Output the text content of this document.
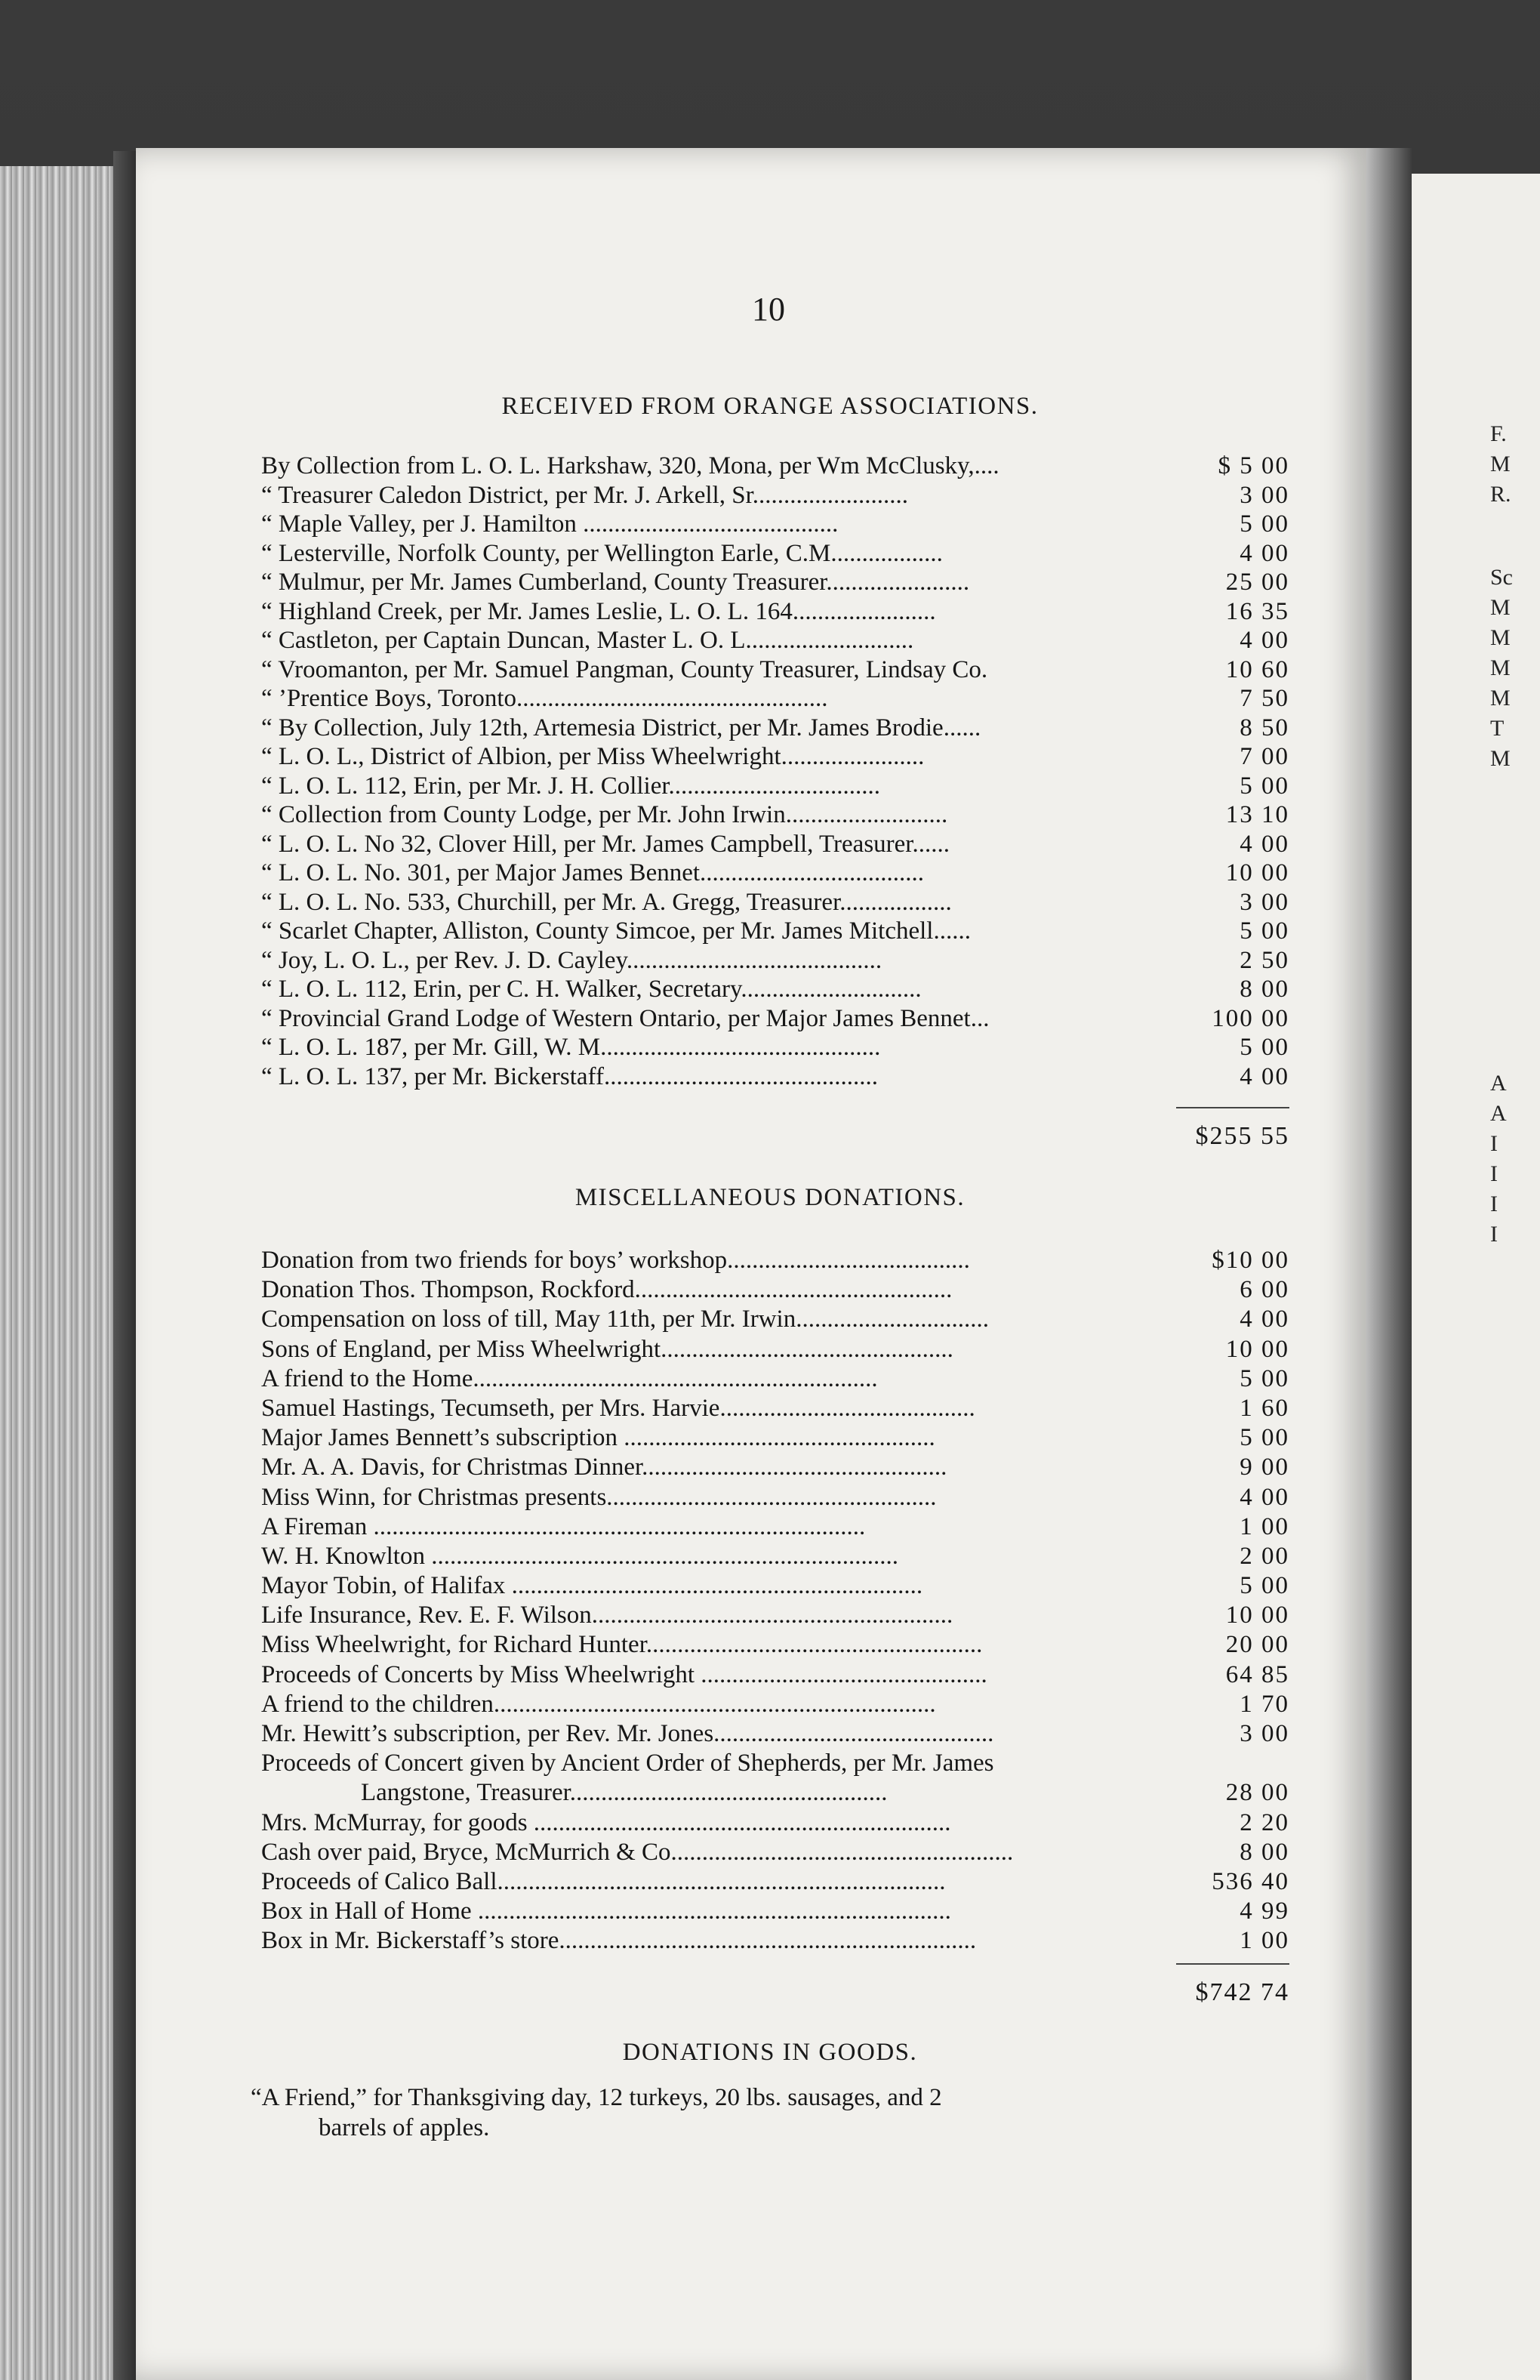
F.
M
R.
Sc
M
M
M
M
T
M
A
A
I
I
I
I
10
RECEIVED FROM ORANGE ASSOCIATIONS.
By Collection from L. O. L. Harkshaw, 320, Mona, per Wm McClusky,....	$ 5 00
“ Treasurer Caledon District, per Mr. J. Arkell, Sr.........................	3 00
“ Maple Valley, per J. Hamilton .........................................	5 00
“ Lesterville, Norfolk County, per Wellington Earle, C.M..................	4 00
“ Mulmur, per Mr. James Cumberland, County Treasurer.......................	25 00
“ Highland Creek, per Mr. James Leslie, L. O. L. 164.......................	16 35
“ Castleton, per Captain Duncan, Master L. O. L...........................	4 00
“ Vroomanton, per Mr. Samuel Pangman, County Treasurer, Lindsay Co.	10 60
“ ’Prentice Boys, Toronto..................................................	7 50
“ By Collection, July 12th, Artemesia District, per Mr. James Brodie......	8 50
“ L. O. L., District of Albion, per Miss Wheelwright.......................	7 00
“ L. O. L. 112, Erin, per Mr. J. H. Collier..................................	5 00
“ Collection from County Lodge, per Mr. John Irwin..........................	13 10
“ L. O. L. No 32, Clover Hill, per Mr. James Campbell, Treasurer......	4 00
“ L. O. L. No. 301, per Major James Bennet....................................	10 00
“ L. O. L. No. 533, Churchill, per Mr. A. Gregg, Treasurer..................	3 00
“ Scarlet Chapter, Alliston, County Simcoe, per Mr. James Mitchell......	5 00
“ Joy, L. O. L., per Rev. J. D. Cayley.........................................	2 50
“ L. O. L. 112, Erin, per C. H. Walker, Secretary.............................	8 00
“ Provincial Grand Lodge of Western Ontario, per Major James Bennet...	100 00
“ L. O. L. 187, per Mr. Gill, W. M.............................................	5 00
“ L. O. L. 137, per Mr. Bickerstaff............................................	4 00
$255 55
MISCELLANEOUS DONATIONS.
Donation from two friends for boys’ workshop.......................................	$10 00
Donation Thos. Thompson, Rockford...................................................	6 00
Compensation on loss of till, May 11th, per Mr. Irwin...............................	4 00
Sons of England, per Miss Wheelwright...............................................	10 00
A friend to the Home.................................................................	5 00
Samuel Hastings, Tecumseth, per Mrs. Harvie.........................................	1 60
Major James Bennett’s subscription ..................................................	5 00
Mr. A. A. Davis, for Christmas Dinner.................................................	9 00
Miss Winn, for Christmas presents.....................................................	4 00
A Fireman ...............................................................................	1 00
W. H. Knowlton ...........................................................................	2 00
Mayor Tobin, of Halifax ..................................................................	5 00
Life Insurance, Rev. E. F. Wilson..........................................................	10 00
Miss Wheelwright, for Richard Hunter......................................................	20 00
Proceeds of Concerts by Miss Wheelwright ..............................................	64 85
A friend to the children.......................................................................	1 70
Mr. Hewitt’s subscription, per Rev. Mr. Jones.............................................	3 00
Proceeds of Concert given by Ancient Order of Shepherds, per Mr. James
Langstone, Treasurer...................................................	28 00
Mrs. McMurray, for goods ...................................................................	2 20
Cash over paid, Bryce, McMurrich & Co.......................................................	8 00
Proceeds of Calico Ball........................................................................	536 40
Box in Hall of Home ............................................................................	4 99
Box in Mr. Bickerstaff’s store...................................................................	1 00
$742 74
DONATIONS IN GOODS.
“A Friend,” for Thanksgiving day, 12 turkeys, 20 lbs. sausages, and 2
barrels of apples.
